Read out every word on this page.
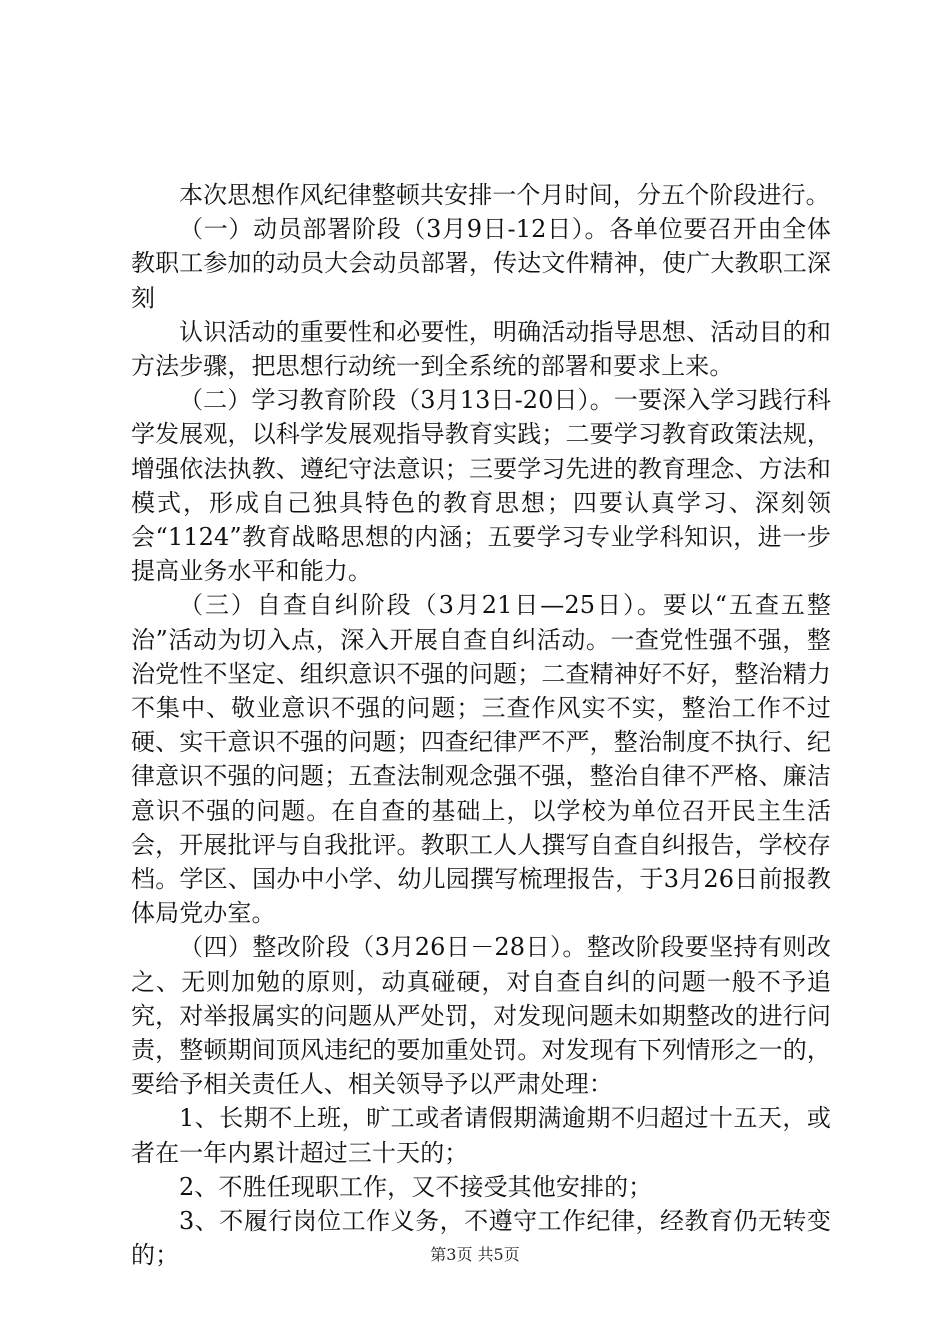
本次思想作风纪律整顿共安排一个月时间，分五个阶段进行。

（一）动员部署阶段（3月9日-12日）。各单位要召开由全体教职工参加的动员大会动员部署，传达文件精神，使广大教职工深刻

认识活动的重要性和必要性，明确活动指导思想、活动目的和方法步骤，把思想行动统一到全系统的部署和要求上来。

（二）学习教育阶段（3月13日-20日）。一要深入学习践行科学发展观，以科学发展观指导教育实践；二要学习教育政策法规，增强依法执教、遵纪守法意识；三要学习先进的教育理念、方法和模式，形成自己独具特色的教育思想；四要认真学习、深刻领会“1124”教育战略思想的内涵；五要学习专业学科知识，进一步提高业务水平和能力。

（三）自查自纠阶段（3月21日—25日）。要以“五查五整治”活动为切入点，深入开展自查自纠活动。一查党性强不强，整治党性不坚定、组织意识不强的问题；二查精神好不好，整治精力不集中、敬业意识不强的问题；三查作风实不实，整治工作不过硬、实干意识不强的问题；四查纪律严不严，整治制度不执行、纪律意识不强的问题；五查法制观念强不强，整治自律不严格、廉洁意识不强的问题。在自查的基础上，以学校为单位召开民主生活会，开展批评与自我批评。教职工人人撰写自查自纠报告，学校存档。学区、国办中小学、幼儿园撰写梳理报告，于3月26日前报教体局党办室。

（四）整改阶段（3月26日－28日）。整改阶段要坚持有则改之、无则加勉的原则，动真碰硬，对自查自纠的问题一般不予追究，对举报属实的问题从严处罚，对发现问题未如期整改的进行问责，整顿期间顶风违纪的要加重处罚。对发现有下列情形之一的，要给予相关责任人、相关领导予以严肃处理：

1、长期不上班，旷工或者请假期满逾期不归超过十五天，或者在一年内累计超过三十天的；

2、不胜任现职工作，又不接受其他安排的；

3、不履行岗位工作义务，不遵守工作纪律，经教育仍无转变的；	第3页 共5页
